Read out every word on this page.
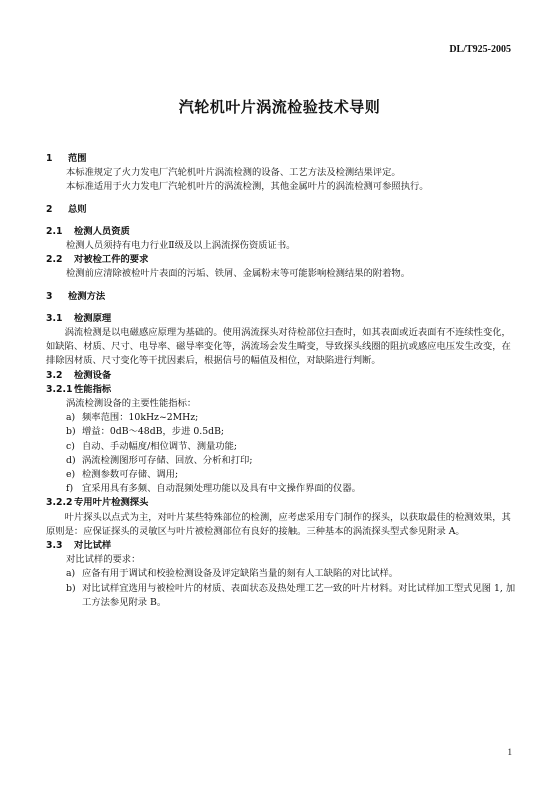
DL/T925-2005
汽轮机叶片涡流检验技术导则
1 范围
本标准规定了火力发电厂汽轮机叶片涡流检测的设备、工艺方法及检测结果评定。
本标准适用于火力发电厂汽轮机叶片的涡流检测，其他金属叶片的涡流检测可参照执行。
2 总则
2.1 检测人员资质
检测人员须持有电力行业Ⅱ级及以上涡流探伤资质证书。
2.2 对被检工件的要求
检测前应清除被检叶片表面的污垢、铁屑、金属粉末等可能影响检测结果的附着物。
3 检测方法
3.1 检测原理
涡流检测是以电磁感应原理为基础的。使用涡流探头对待检部位扫查时，如其表面或近表面有不连续性变化，如缺陷、材质、尺寸、电导率、磁导率变化等，涡流场会发生畸变，导致探头线圈的阻抗或感应电压发生改变，在排除因材质、尺寸变化等干扰因素后，根据信号的幅值及相位，对缺陷进行判断。
3.2 检测设备
3.2.1 性能指标
涡流检测设备的主要性能指标：
a) 频率范围：10kHz~2MHz;
b) 增益：0dB～48dB，步进 0.5dB;
c) 自动、手动幅度/相位调节、测量功能;
d) 涡流检测图形可存储、回放、分析和打印;
e) 检测参数可存储、调用;
f) 宜采用具有多频、自动混频处理功能以及具有中文操作界面的仪器。
3.2.2 专用叶片检测探头
叶片探头以点式为主，对叶片某些特殊部位的检测，应考虑采用专门制作的探头，以获取最佳的检测效果，其原则是：应保证探头的灵敏区与叶片被检测部位有良好的接触。三种基本的涡流探头型式参见附录 A。
3.3 对比试样
对比试样的要求：
a) 应备有用于调试和校验检测设备及评定缺陷当量的刻有人工缺陷的对比试样。
b) 对比试样宜选用与被检叶片的材质、表面状态及热处理工艺一致的叶片材料。对比试样加工型式见图 1, 加工方法参见附录 B。
1
